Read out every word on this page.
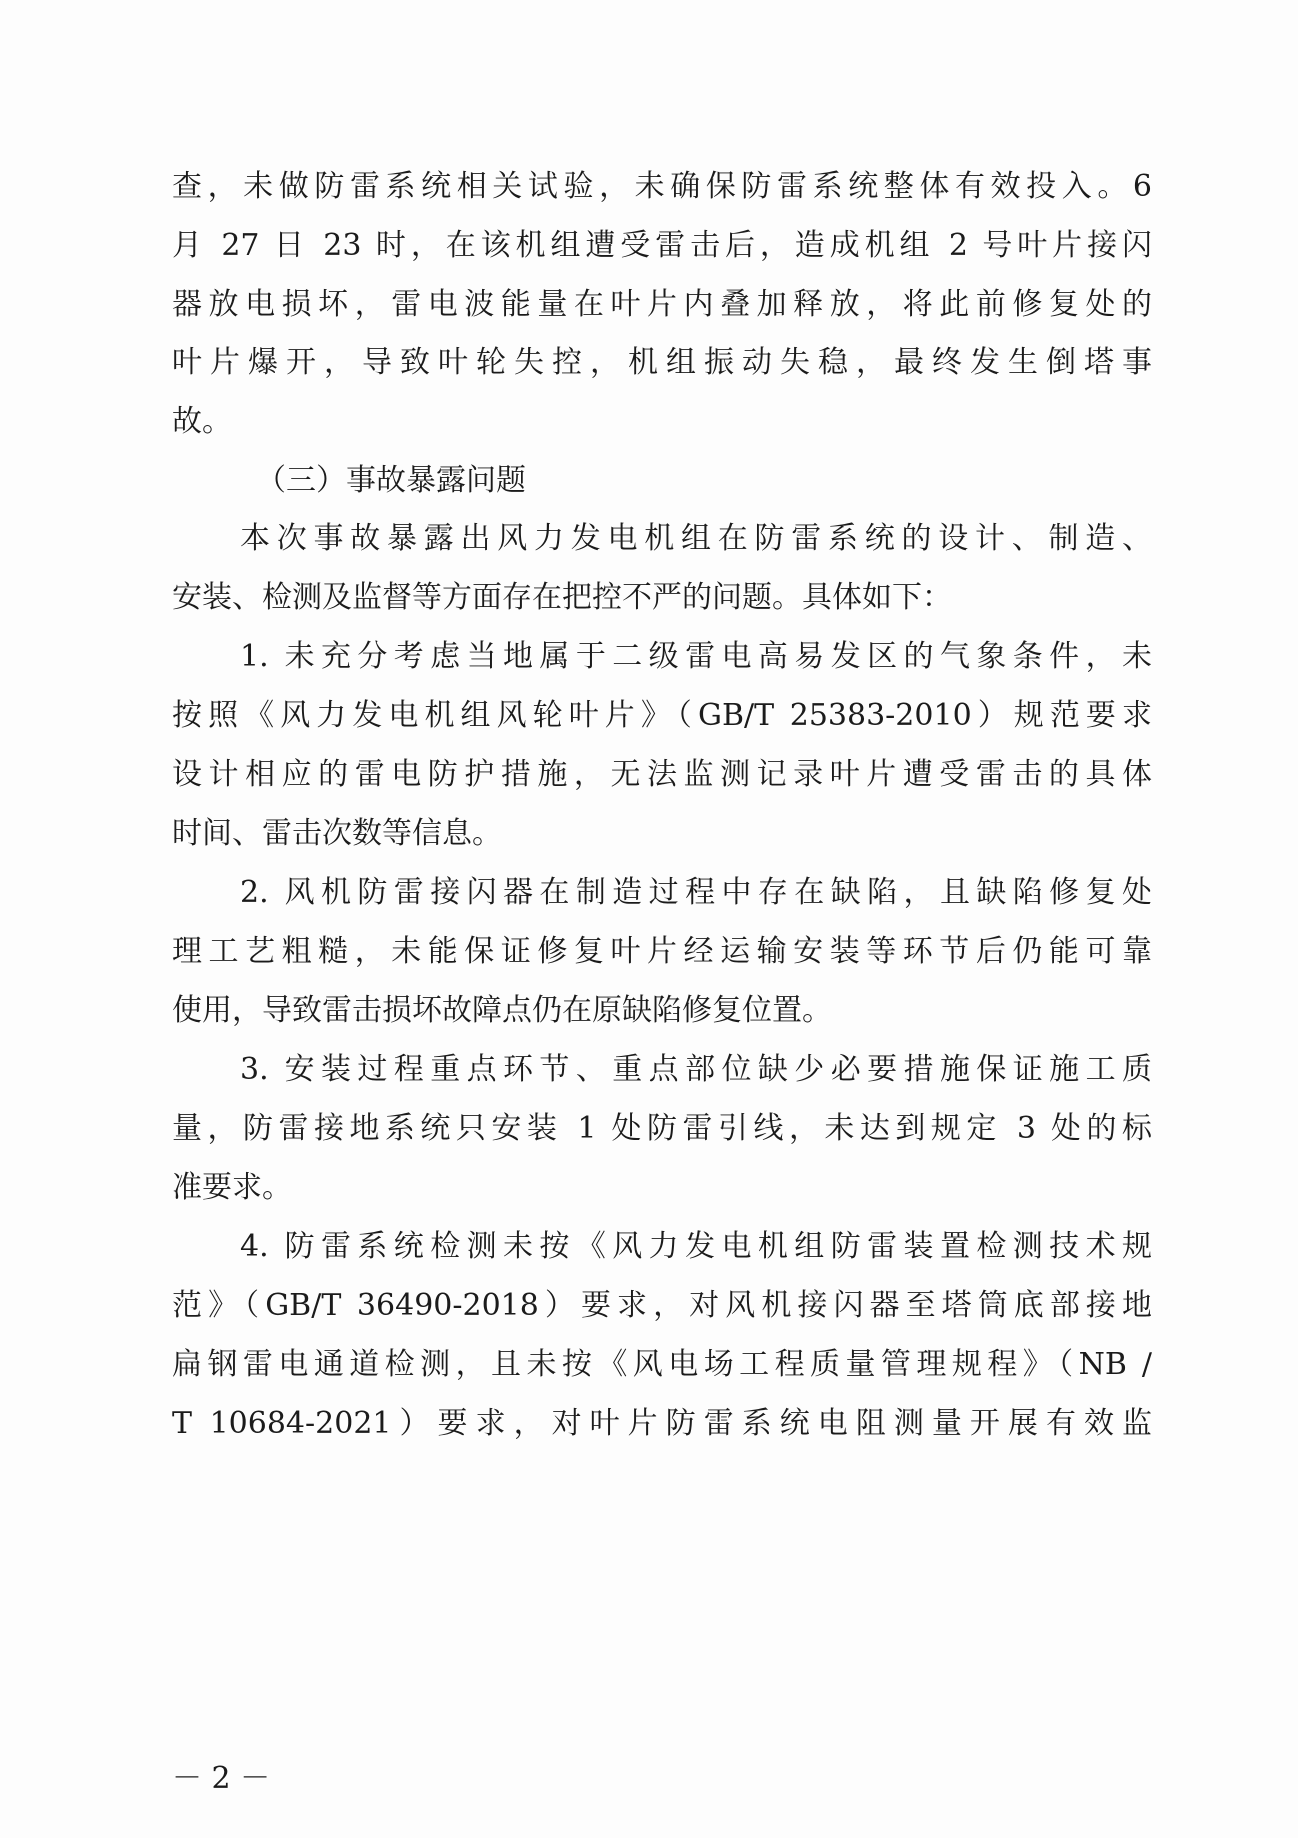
查，未做防雷系统相关试验，未确保防雷系统整体有效投入。6
月 27 日 23 时，在该机组遭受雷击后，造成机组 2 号叶片接闪
器放电损坏，雷电波能量在叶片内叠加释放，将此前修复处的
叶片爆开，导致叶轮失控，机组振动失稳，最终发生倒塔事
故。
（三）事故暴露问题
本次事故暴露出风力发电机组在防雷系统的设计、制造、
安装、检测及监督等方面存在把控不严的问题。具体如下：
1. 未充分考虑当地属于二级雷电高易发区的气象条件，未
按照《风力发电机组风轮叶片》（GB/T 25383-2010）规范要求
设计相应的雷电防护措施，无法监测记录叶片遭受雷击的具体
时间、雷击次数等信息。
2. 风机防雷接闪器在制造过程中存在缺陷，且缺陷修复处
理工艺粗糙，未能保证修复叶片经运输安装等环节后仍能可靠
使用，导致雷击损坏故障点仍在原缺陷修复位置。
3. 安装过程重点环节、重点部位缺少必要措施保证施工质
量，防雷接地系统只安装 1 处防雷引线，未达到规定 3 处的标
准要求。
4. 防雷系统检测未按《风力发电机组防雷装置检测技术规
范》（GB/T 36490-2018）要求，对风机接闪器至塔筒底部接地
扁钢雷电通道检测，且未按《风电场工程质量管理规程》（NB /
T 10684-2021）要求，对叶片防雷系统电阻测量开展有效监
－ 2 －
